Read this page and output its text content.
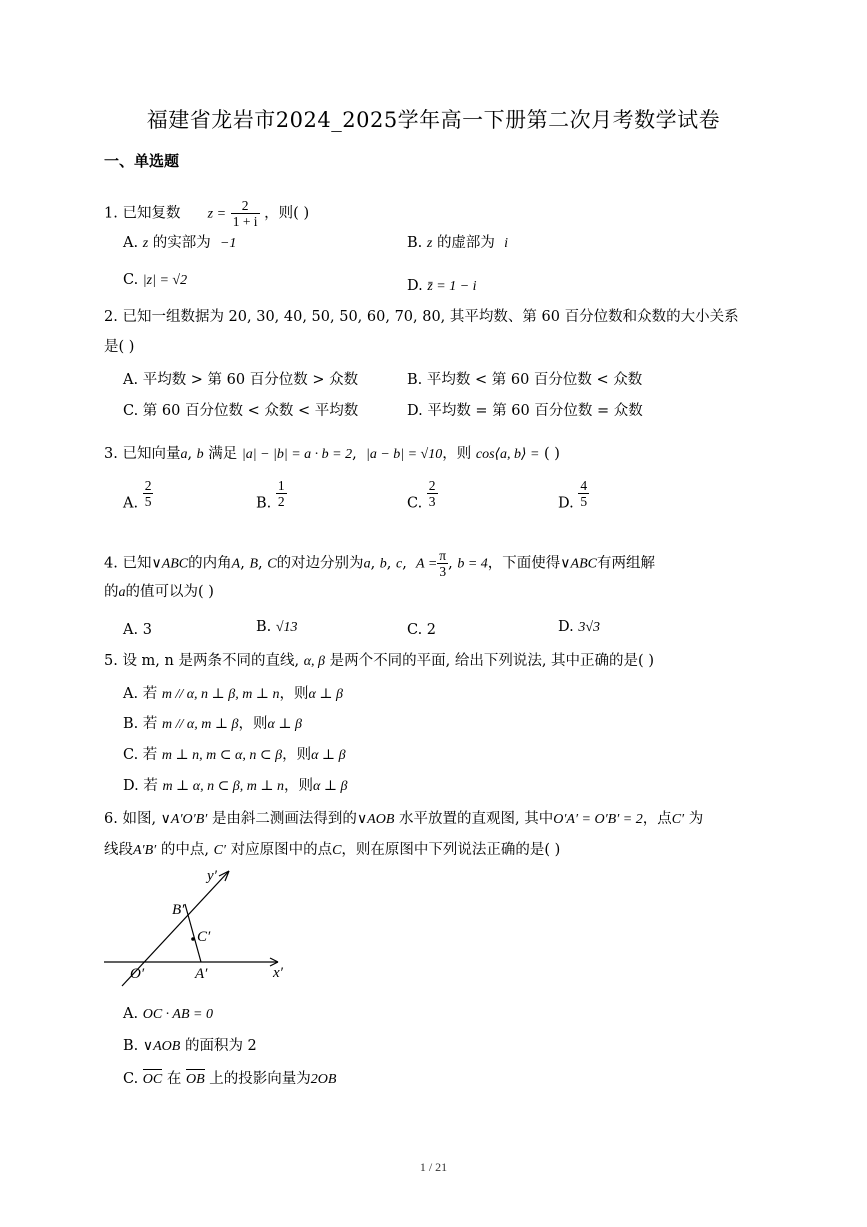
福建省龙岩市2024_2025学年高一下册第二次月考数学试卷
一、单选题
1. 已知复数 $z = \frac{2}{1 + i}$ ，则( )
A. z 的实部为 −1	B. z 的虚部为 i
C. |z| = √2	D. z̄ = 1 − i
2. 已知一组数据为 20, 30, 40, 50, 50, 60, 70, 80, 其平均数、第 60 百分位数和众数的大小关系
是( )
A. 平均数 > 第 60 百分位数 > 众数	B. 平均数 < 第 60 百分位数 < 众数
C. 第 60 百分位数 < 众数 < 平均数	D. 平均数 = 第 60 百分位数 = 众数
3. 已知向量a, b 满足 |a| − |b| = a · b = 2,  |a − b| = √10，则 cos⟨a, b⟩ = ( )
A. $\frac{2}{5}$	B. $\frac{1}{2}$	C. $\frac{2}{3}$	D. $\frac{4}{5}$
4. 已知∨ABC的内角A, B, C的对边分别为a, b, c,  $A = \frac{\pi}{3}$ , b = 4，下面使得∨ABC有两组解
的a的值可以为( )
A. 3	B. √13	C. 2	D. 3√3
5. 设 m, n 是两条不同的直线, α, β 是两个不同的平面, 给出下列说法, 其中正确的是( )
A. 若 m // α, n ⊥ β, m ⊥ n，则α ⊥ β
B. 若 m // α, m ⊥ β，则α ⊥ β
C. 若 m ⊥ n, m ⊂ α, n ⊂ β，则α ⊥ β
D. 若 m ⊥ α, n ⊂ β, m ⊥ n，则α ⊥ β
6. 如图, ∨A′O′B′ 是由斜二测画法得到的∨AOB 水平放置的直观图, 其中O′A′ = O′B′ = 2，点C′ 为
线段A′B′ 的中点, C′ 对应原图中的点C，则在原图中下列说法正确的是( )
y′
x′
O′	A′
B′
C′
A. OC · AB = 0
B. ∨AOB 的面积为 2
C. OC 在 OB 上的投影向量为2OB
1 / 21
